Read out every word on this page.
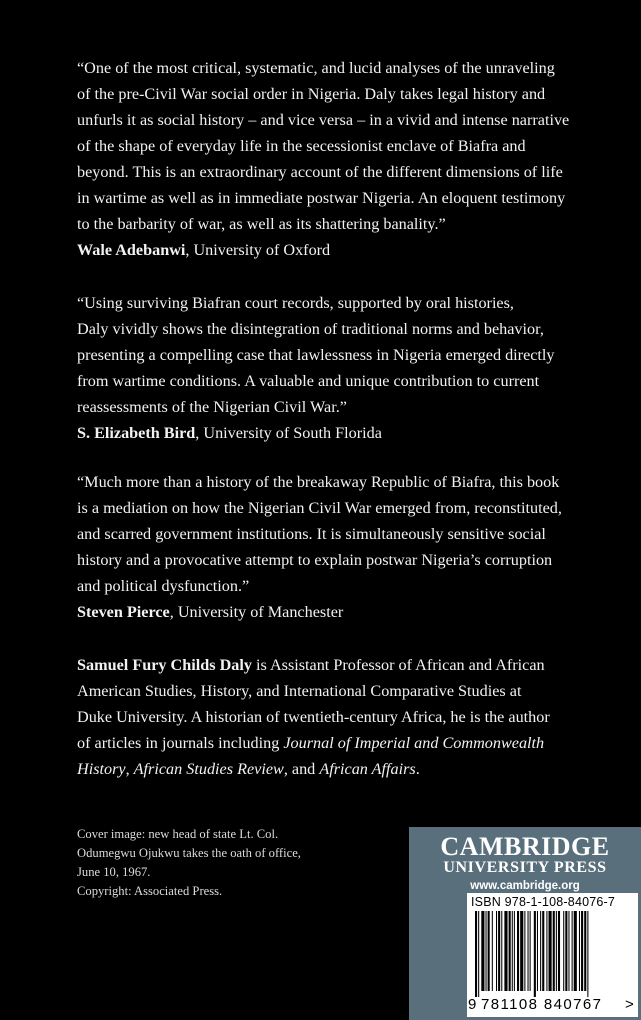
“One of the most critical, systematic, and lucid analyses of the unraveling
of the pre-Civil War social order in Nigeria. Daly takes legal history and
unfurls it as social history – and vice versa – in a vivid and intense narrative
of the shape of everyday life in the secessionist enclave of Biafra and
beyond. This is an extraordinary account of the different dimensions of life
in wartime as well as in immediate postwar Nigeria. An eloquent testimony
to the barbarity of war, as well as its shattering banality.”
Wale Adebanwi, University of Oxford
“Using surviving Biafran court records, supported by oral histories,
Daly vividly shows the disintegration of traditional norms and behavior,
presenting a compelling case that lawlessness in Nigeria emerged directly
from wartime conditions. A valuable and unique contribution to current
reassessments of the Nigerian Civil War.”
S. Elizabeth Bird, University of South Florida
“Much more than a history of the breakaway Republic of Biafra, this book
is a mediation on how the Nigerian Civil War emerged from, reconstituted,
and scarred government institutions. It is simultaneously sensitive social
history and a provocative attempt to explain postwar Nigeria’s corruption
and political dysfunction.”
Steven Pierce, University of Manchester
Samuel Fury Childs Daly is Assistant Professor of African and African
American Studies, History, and International Comparative Studies at
Duke University. A historian of twentieth-century Africa, he is the author
of articles in journals including Journal of Imperial and Commonwealth
History, African Studies Review, and African Affairs.
Cover image: new head of state Lt. Col.
Odumegwu Ojukwu takes the oath of office,
June 10, 1967.
Copyright: Associated Press.
CAMBRIDGE
UNIVERSITY PRESS
www.cambridge.org
ISBN 978-1-108-84076-7
9 781108 840767 >
